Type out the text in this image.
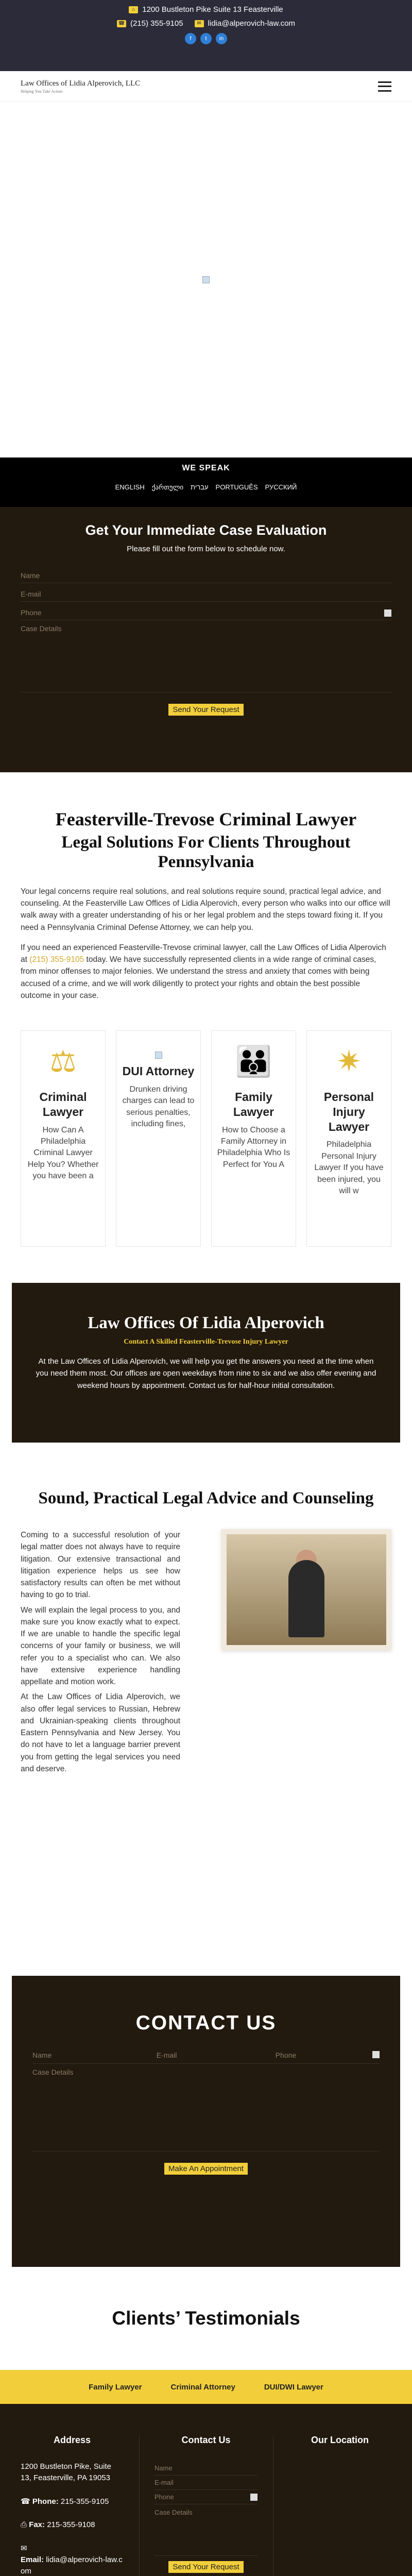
⌂ 1200 Bustleton Pike Suite 13 Feasterville
☎ (215) 355-9105	✉ lidia@alperovich-law.com
f	t	in
Law Offices of Lidia Alperovich, LLC
Helping You Take Action
WE SPEAK
ENGLISH ქართული עברית PORTUGUÊS РУССКИЙ
Get Your Immediate Case Evaluation

Please fill out the form below to schedule now.

Name
E-mail
Phone
Case Details
Send Your Request
Feasterville-Trevose Criminal Lawyer
Legal Solutions For Clients Throughout Pennsylvania

Your legal concerns require real solutions, and real solutions require sound, practical legal advice, and counseling. At the Feasterville Law Offices of Lidia Alperovich, every person who walks into our office will walk away with a greater understanding of his or her legal problem and the steps toward fixing it. If you need a Pennsylvania Criminal Defense Attorney, we can help you.

If you need an experienced Feasterville-Trevose criminal lawyer, call the Law Offices of Lidia Alperovich at (215) 355-9105 today. We have successfully represented clients in a wide range of criminal cases, from minor offenses to major felonies. We understand the stress and anxiety that comes with being accused of a crime, and we will work diligently to protect your rights and obtain the best possible outcome in your case.

⚖
Criminal Lawyer

How Can A Philadelphia Criminal Lawyer Help You? Whether you have been a

DUI Attorney

Drunken driving charges can lead to serious penalties, including fines,

👪
Family Lawyer

How to Choose a Family Attorney in Philadelphia Who Is Perfect for You A

✷
Personal Injury Lawyer

Philadelphia Personal Injury Lawyer If you have been injured, you will w

Law Offices Of Lidia Alperovich
Contact A Skilled Feasterville-Trevose Injury Lawyer

At the Law Offices of Lidia Alperovich, we will help you get the answers you need at the time when you need them most. Our offices are open weekdays from nine to six and we also offer evening and weekend hours by appointment. Contact us for half-hour initial consultation.

Sound, Practical Legal Advice and Counseling

Coming to a successful resolution of your legal matter does not always have to require litigation. Our extensive transactional and litigation experience helps us see how satisfactory results can often be met without having to go to trial.

We will explain the legal process to you, and make sure you know exactly what to expect. If we are unable to handle the specific legal concerns of your family or business, we will refer you to a specialist who can. We also have extensive experience handling appellate and motion work.

At the Law Offices of Lidia Alperovich, we also offer legal services to Russian, Hebrew and Ukrainian-speaking clients throughout Eastern Pennsylvania and New Jersey. You do not have to let a language barrier prevent you from getting the legal services you need and deserve.

CONTACT US
Name	E-mail	Phone
Case Details
Make An Appointment
Clients’ Testimonials
Family Lawyer	Criminal Attorney	DUI/DWI Lawyer
Address

1200 Bustleton Pike, Suite 13, Feasterville, PA 19053

☎ Phone: 215-355-9105

⎙ Fax: 215-355-9108

✉
Email: lidia@alperovich-law.com

Contact Us
Name
E-mail
Phone
Case Details
Send Your Request
Our Location
